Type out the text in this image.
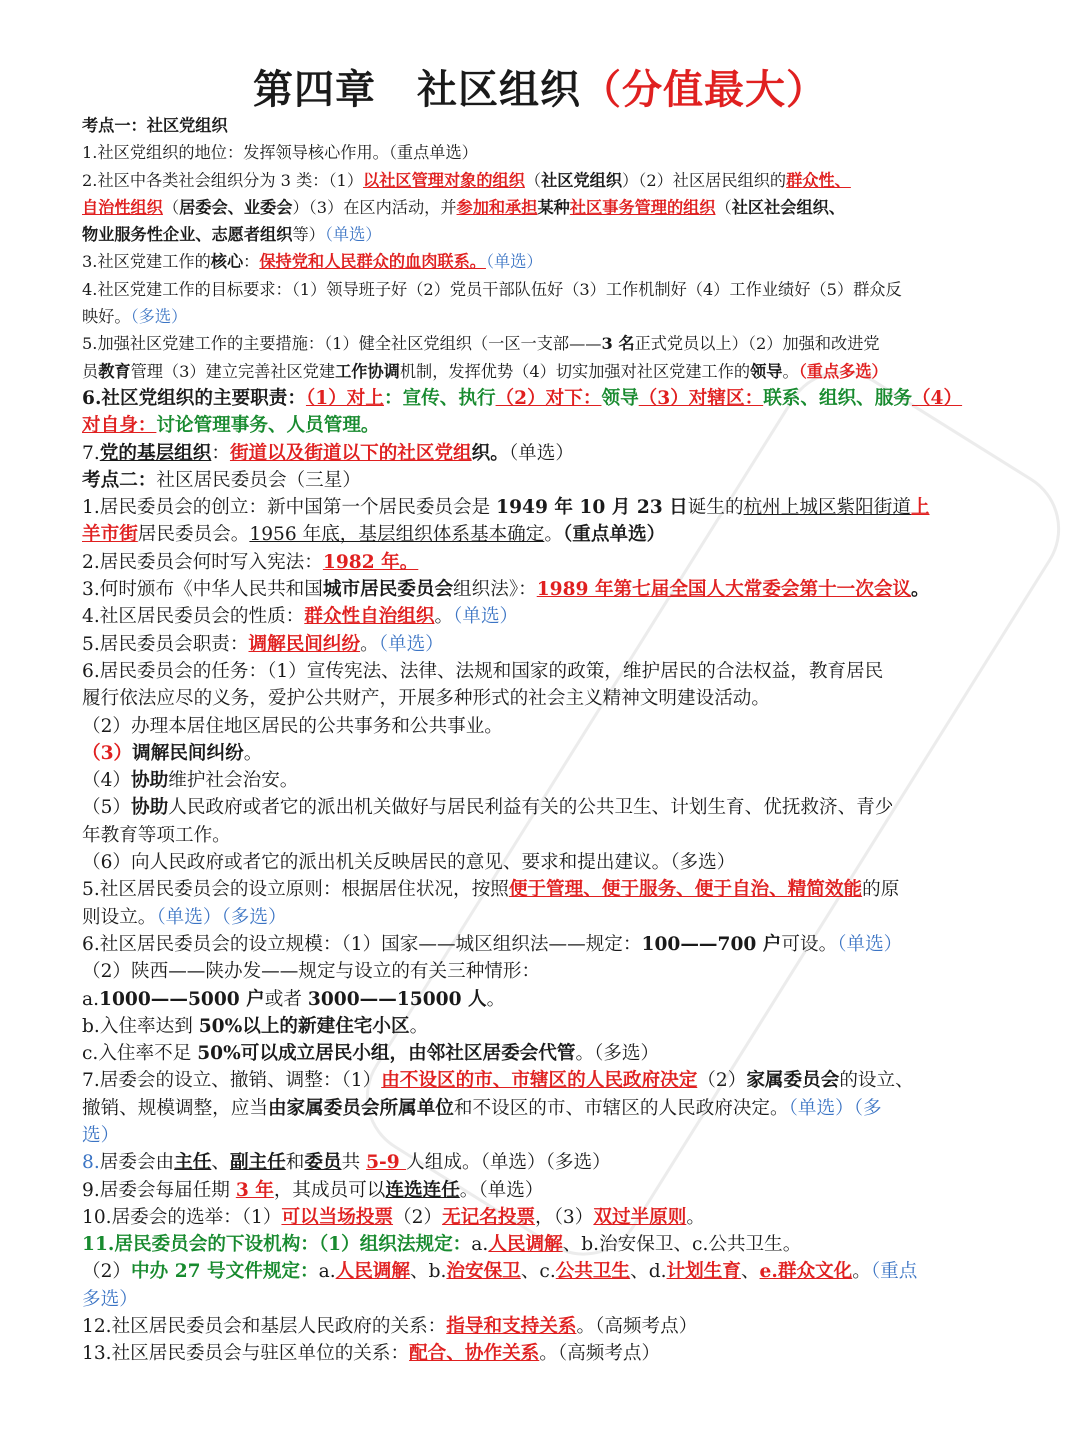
第四章　社区组织（分值最大）
考点一：社区党组织
1.社区党组织的地位：发挥领导核心作用。（重点单选）
2.社区中各类社会组织分为 3 类：（1）以社区管理对象的组织（社区党组织）（2）社区居民组织的群众性、
自治性组织（居委会、业委会）（3）在区内活动，并参加和承担某种社区事务管理的组织（社区社会组织、
物业服务性企业、志愿者组织等）（单选）
3.社区党建工作的核心：保持党和人民群众的血肉联系。（单选）
4.社区党建工作的目标要求：（1）领导班子好（2）党员干部队伍好（3）工作机制好（4）工作业绩好（5）群众反
映好。（多选）
5.加强社区党建工作的主要措施：（1）健全社区党组织（一区一支部——3 名正式党员以上）（2）加强和改进党
员教育管理（3）建立完善社区党建工作协调机制，发挥优势（4）切实加强对社区党建工作的领导。（重点多选）
6.社区党组织的主要职责：（1）对上：宣传、执行（2）对下：领导（3）对辖区：联系、组织、服务（4）
对自身：讨论管理事务、人员管理。
7.党的基层组织：街道以及街道以下的社区党组织。（单选）
考点二：社区居民委员会（三星）
1.居民委员会的创立：新中国第一个居民委员会是 1949 年 10 月 23 日诞生的杭州上城区紫阳街道上
羊市街居民委员会。1956 年底，基层组织体系基本确定。（重点单选）
2.居民委员会何时写入宪法：1982 年。
3.何时颁布《中华人民共和国城市居民委员会组织法》：1989 年第七届全国人大常委会第十一次会议。
4.社区居民委员会的性质：群众性自治组织。（单选）
5.居民委员会职责：调解民间纠纷。（单选）
6.居民委员会的任务：（1）宣传宪法、法律、法规和国家的政策，维护居民的合法权益，教育居民
履行依法应尽的义务，爱护公共财产，开展多种形式的社会主义精神文明建设活动。
（2）办理本居住地区居民的公共事务和公共事业。
（3）调解民间纠纷。
（4）协助维护社会治安。
（5）协助人民政府或者它的派出机关做好与居民利益有关的公共卫生、计划生育、优抚救济、青少
年教育等项工作。
（6）向人民政府或者它的派出机关反映居民的意见、要求和提出建议。（多选）
5.社区居民委员会的设立原则：根据居住状况，按照便于管理、便于服务、便于自治、精简效能的原
则设立。（单选）（多选）
6.社区居民委员会的设立规模：（1）国家——城区组织法——规定：100——700 户可设。（单选）
（2）陕西——陕办发——规定与设立的有关三种情形：
a.1000——5000 户或者 3000——15000 人。
b.入住率达到 50%以上的新建住宅小区。
c.入住率不足 50%可以成立居民小组，由邻社区居委会代管。（多选）
7.居委会的设立、撤销、调整：（1）由不设区的市、市辖区的人民政府决定（2）家属委员会的设立、
撤销、规模调整，应当由家属委员会所属单位和不设区的市、市辖区的人民政府决定。（单选）（多
选）
8.居委会由主任、副主任和委员共 5-9 人组成。（单选）（多选）
9.居委会每届任期 3 年，其成员可以连选连任。（单选）
10.居委会的选举：（1）可以当场投票（2）无记名投票，（3）双过半原则。
11.居民委员会的下设机构：（1）组织法规定：a.人民调解、b.治安保卫、c.公共卫生。
（2）中办 27 号文件规定：a.人民调解、b.治安保卫、c.公共卫生、d.计划生育、e.群众文化。（重点
多选）
12.社区居民委员会和基层人民政府的关系：指导和支持关系。（高频考点）
13.社区居民委员会与驻区单位的关系：配合、协作关系。（高频考点）
